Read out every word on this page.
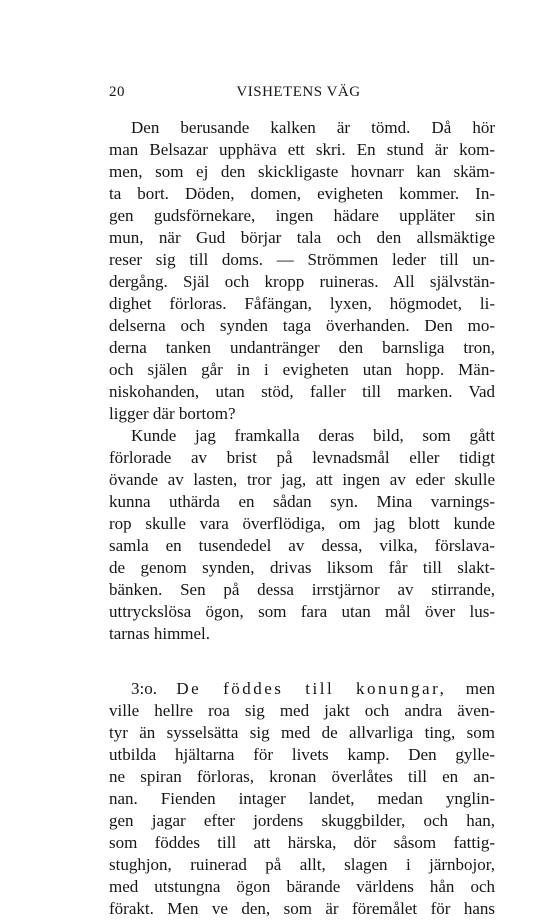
20	VISHETENS VÄG
Den berusande kalken är tömd. Då hör
man Belsazar upphäva ett skri. En stund är kom-
men, som ej den skickligaste hovnarr kan skäm-
ta bort. Döden, domen, evigheten kommer. In-
gen gudsförnekare, ingen hädare uppläter sin
mun, när Gud börjar tala och den allsmäktige
reser sig till doms. — Strömmen leder till un-
dergång. Själ och kropp ruineras. All självstän-
dighet förloras. Fåfängan, lyxen, högmodet, li-
delserna och synden taga överhanden. Den mo-
derna tanken undantränger den barnsliga tron,
och själen går in i evigheten utan hopp. Män-
niskohanden, utan stöd, faller till marken. Vad
ligger där bortom?
Kunde jag framkalla deras bild, som gått
förlorade av brist på levnadsmål eller tidigt
övande av lasten, tror jag, att ingen av eder skulle
kunna uthärda en sådan syn. Mina varnings-
rop skulle vara överflödiga, om jag blott kunde
samla en tusendedel av dessa, vilka, förslava-
de genom synden, drivas liksom får till slakt-
bänken. Sen på dessa irrstjärnor av stirrande,
uttryckslösa ögon, som fara utan mål över lus-
tarnas himmel.
3:o. De föddes till konungar, men
ville hellre roa sig med jakt och andra även-
tyr än sysselsätta sig med de allvarliga ting, som
utbilda hjältarna för livets kamp. Den gylle-
ne spiran förloras, kronan överlåtes till en an-
nan. Fienden intager landet, medan ynglin-
gen jagar efter jordens skuggbilder, och han,
som föddes till att härska, dör såsom fattig-
stughjon, ruinerad på allt, slagen i järnbojor,
med utstungna ögon bärande världens hån och
förakt. Men ve den, som är föremålet för hans
